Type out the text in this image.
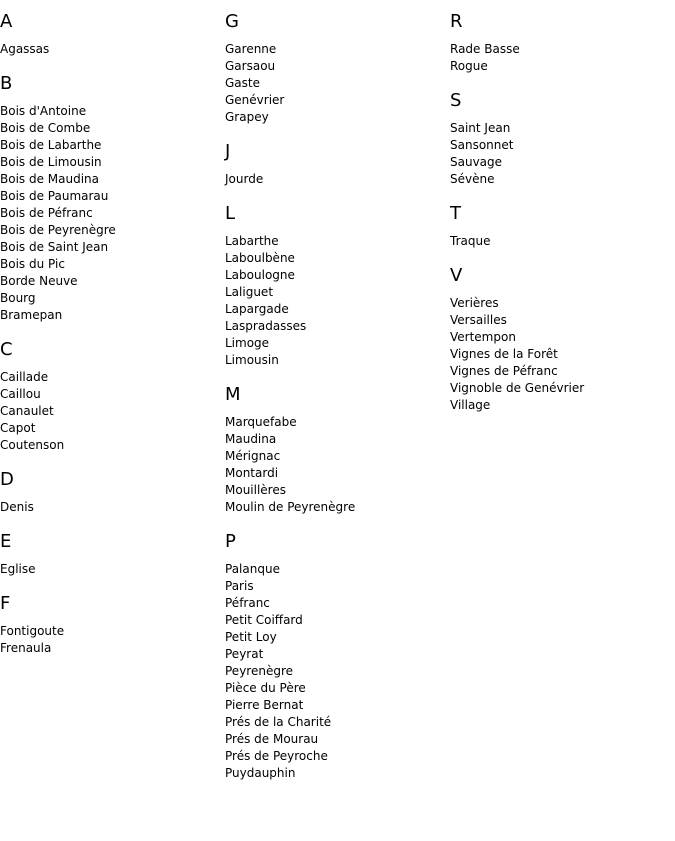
A
Agassas
B
Bois d'Antoine
Bois de Combe
Bois de Labarthe
Bois de Limousin
Bois de Maudina
Bois de Paumarau
Bois de Péfranc
Bois de Peyrenègre
Bois de Saint Jean
Bois du Pic
Borde Neuve
Bourg
Bramepan
C
Caillade
Caillou
Canaulet
Capot
Coutenson
D
Denis
E
Eglise
F
Fontigoute
Frenaula
G
Garenne
Garsaou
Gaste
Genévrier
Grapey
J
Jourde
L
Labarthe
Laboulbène
Laboulogne
Laliguet
Lapargade
Laspradasses
Limoge
Limousin
M
Marquefabe
Maudina
Mérignac
Montardi
Mouillères
Moulin de Peyrenègre
P
Palanque
Paris
Péfranc
Petit Coiffard
Petit Loy
Peyrat
Peyrenègre
Pièce du Père
Pierre Bernat
Prés de la Charité
Prés de Mourau
Prés de Peyroche
Puydauphin
R
Rade Basse
Rogue
S
Saint Jean
Sansonnet
Sauvage
Sévène
T
Traque
V
Verières
Versailles
Vertempon
Vignes de la Forêt
Vignes de Péfranc
Vignoble de Genévrier
Village
